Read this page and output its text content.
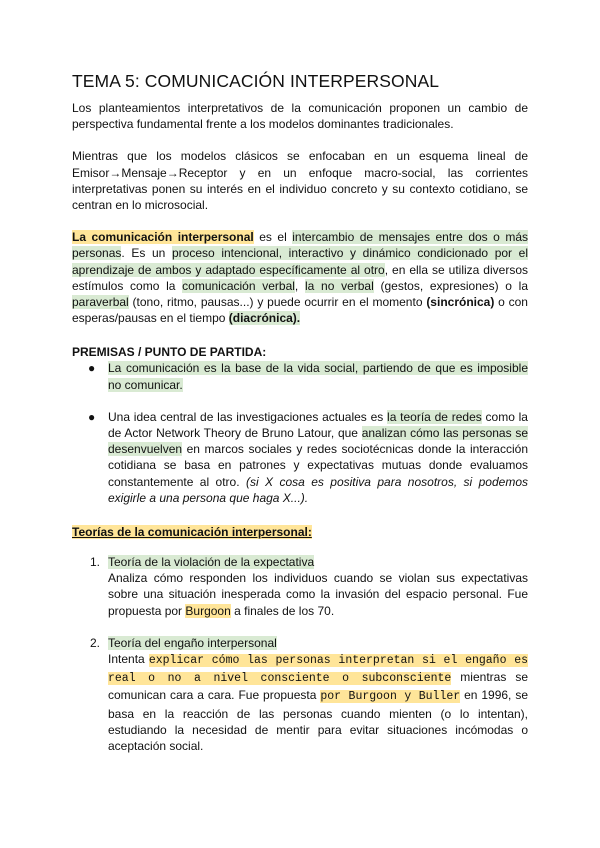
TEMA 5: COMUNICACIÓN INTERPERSONAL

Los planteamientos interpretativos de la comunicación proponen un cambio de perspectiva fundamental frente a los modelos dominantes tradicionales.

Mientras que los modelos clásicos se enfocaban en un esquema lineal de Emisor→Mensaje→Receptor y en un enfoque macro-social, las corrientes interpretativas ponen su interés en el individuo concreto y su contexto cotidiano, se centran en lo microsocial.

La comunicación interpersonal es el intercambio de mensajes entre dos o más personas. Es un proceso intencional, interactivo y dinámico condicionado por el aprendizaje de ambos y adaptado específicamente al otro, en ella se utiliza diversos estímulos como la comunicación verbal, la no verbal (gestos, expresiones) o la paraverbal (tono, ritmo, pausas...) y puede ocurrir en el momento (sincrónica) o con esperas/pausas en el tiempo (diacrónica).

PREMISAS / PUNTO DE PARTIDA:

● La comunicación es la base de la vida social, partiendo de que es imposible no comunicar.
● Una idea central de las investigaciones actuales es la teoría de redes como la de Actor Network Theory de Bruno Latour, que analizan cómo las personas se desenvuelven en marcos sociales y redes sociotécnicas donde la interacción cotidiana se basa en patrones y expectativas mutuas donde evaluamos constantemente al otro. (si X cosa es positiva para nosotros, si podemos exigirle a una persona que haga X...).

Teorías de la comunicación interpersonal:

1. Teoría de la violación de la expectativa
Analiza cómo responden los individuos cuando se violan sus expectativas sobre una situación inesperada como la invasión del espacio personal. Fue propuesta por Burgoon a finales de los 70.
2. Teoría del engaño interpersonal
Intenta explicar cómo las personas interpretan si el engaño es real o no a nivel consciente o subconsciente mientras se comunican cara a cara. Fue propuesta por Burgoon y Buller en 1996, se basa en la reacción de las personas cuando mienten (o lo intentan), estudiando la necesidad de mentir para evitar situaciones incómodas o aceptación social.
